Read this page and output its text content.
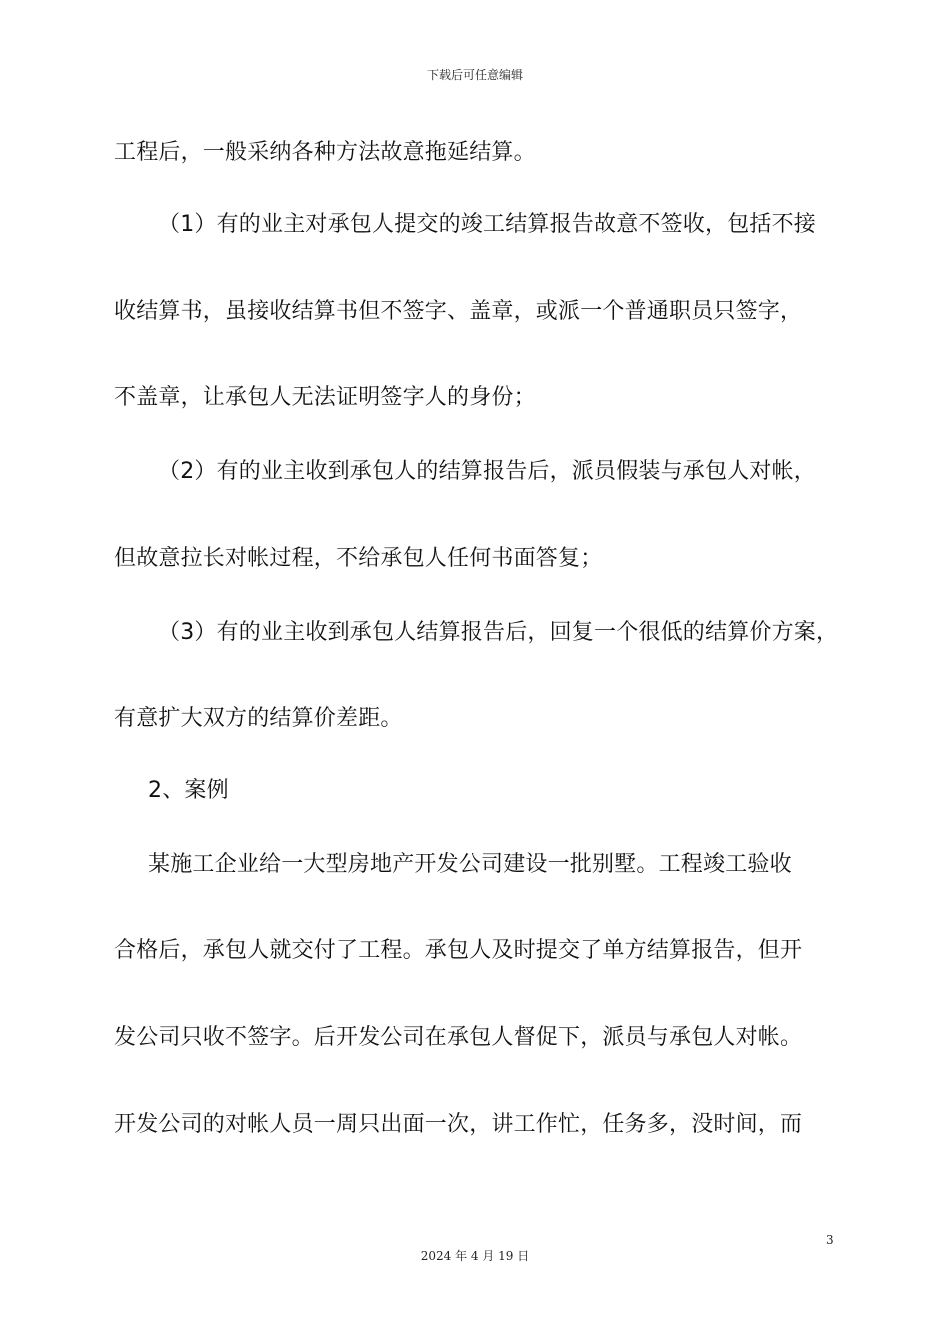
下载后可任意编辑
工程后，一般采纳各种方法故意拖延结算。
（1）有的业主对承包人提交的竣工结算报告故意不签收，包括不接
收结算书，虽接收结算书但不签字、盖章，或派一个普通职员只签字，
不盖章，让承包人无法证明签字人的身份；
（2）有的业主收到承包人的结算报告后，派员假装与承包人对帐，
但故意拉长对帐过程，不给承包人任何书面答复；
（3）有的业主收到承包人结算报告后，回复一个很低的结算价方案，
有意扩大双方的结算价差距。
2、案例
某施工企业给一大型房地产开发公司建设一批别墅。工程竣工验收
合格后，承包人就交付了工程。承包人及时提交了单方结算报告，但开
发公司只收不签字。后开发公司在承包人督促下，派员与承包人对帐。
开发公司的对帐人员一周只出面一次，讲工作忙，任务多，没时间，而
3
2024 年 4 月 19 日
